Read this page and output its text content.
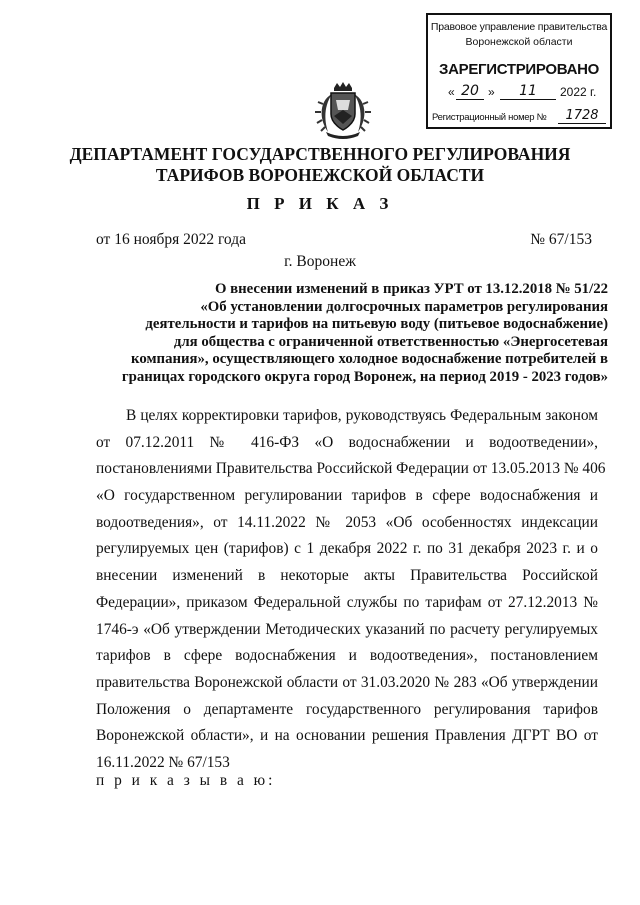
Правовое управление правительства
Воронежской области
ЗАРЕГИСТРИРОВАНО
« 20 »	11	2022 г.
Регистрационный номер №	1728
ДЕПАРТАМЕНТ ГОСУДАРСТВЕННОГО РЕГУЛИРОВАНИЯ
ТАРИФОВ ВОРОНЕЖСКОЙ ОБЛАСТИ
П Р И К А З
от 16 ноября 2022 года	№ 67/153
г. Воронеж
О внесении изменений в приказ УРТ от 13.12.2018 № 51/22
«Об установлении долгосрочных параметров регулирования
деятельности и тарифов на питьевую воду (питьевое водоснабжение)
для общества с ограниченной ответственностью «Энергосетевая
компания», осуществляющего холодное водоснабжение потребителей в
границах городского округа город Воронеж, на период 2019 - 2023 годов»
В целях корректировки тарифов, руководствуясь Федеральным законом
от 07.12.2011 № 416-ФЗ «О водоснабжении и водоотведении»,
постановлениями Правительства Российской Федерации от 13.05.2013 № 406
«О государственном регулировании тарифов в сфере водоснабжения и
водоотведения», от 14.11.2022 № 2053 «Об особенностях индексации
регулируемых цен (тарифов) с 1 декабря 2022 г. по 31 декабря 2023 г. и о
внесении изменений в некоторые акты Правительства Российской
Федерации», приказом Федеральной службы по тарифам от 27.12.2013 №
1746-э «Об утверждении Методических указаний по расчету регулируемых
тарифов в сфере водоснабжения и водоотведения», постановлением
правительства Воронежской области от 31.03.2020 № 283 «Об утверждении
Положения о департаменте государственного регулирования тарифов
Воронежской области», и на основании решения Правления ДГРТ ВО от
16.11.2022 № 67/153
п р и к а з ы в а ю:
